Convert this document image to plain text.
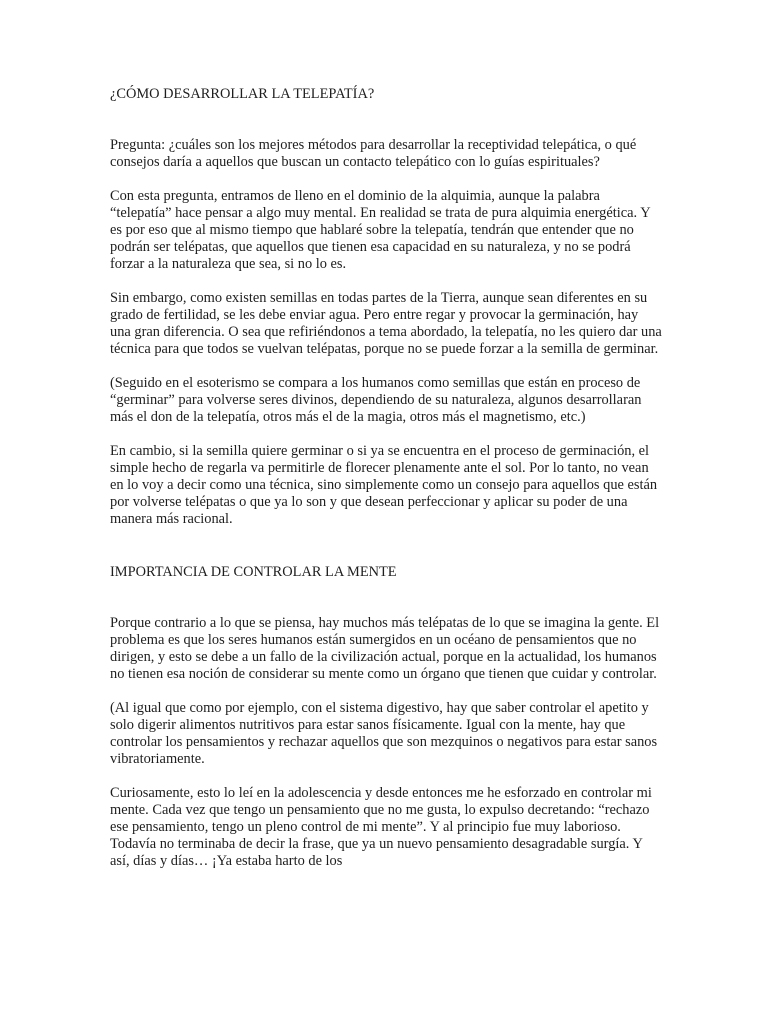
¿CÓMO DESARROLLAR LA TELEPATÍA?

Pregunta: ¿cuáles son los mejores métodos para desarrollar la receptividad telepática, o qué consejos daría a aquellos que buscan un contacto telepático con lo guías espirituales?

Con esta pregunta, entramos de lleno en el dominio de la alquimia, aunque la palabra “telepatía” hace pensar a algo muy mental. En realidad se trata de pura alquimia energética. Y es por eso que al mismo tiempo que hablaré sobre la telepatía, tendrán que entender que no podrán ser telépatas, que aquellos que tienen esa capacidad en su naturaleza, y no se podrá forzar a la naturaleza que sea, si no lo es.

Sin embargo, como existen semillas en todas partes de la Tierra, aunque sean diferentes en su grado de fertilidad, se les debe enviar agua. Pero entre regar y provocar la germinación, hay una gran diferencia. O sea que refiriéndonos a tema abordado, la telepatía, no les quiero dar una técnica para que todos se vuelvan telépatas, porque no se puede forzar a la semilla de germinar.

(Seguido en el esoterismo se compara a los humanos como semillas que están en proceso de “germinar” para volverse seres divinos, dependiendo de su naturaleza, algunos desarrollaran más el don de la telepatía, otros más el de la magia, otros más el magnetismo, etc.)

En cambio, si la semilla quiere germinar o si ya se encuentra en el proceso de germinación, el simple hecho de regarla va permitirle de florecer plenamente ante el sol. Por lo tanto, no vean en lo voy a decir como una técnica, sino simplemente como un consejo para aquellos que están por volverse telépatas o que ya lo son y que desean perfeccionar y aplicar su poder de una manera más racional.

IMPORTANCIA DE CONTROLAR LA MENTE

Porque contrario a lo que se piensa, hay muchos más telépatas de lo que se imagina la gente. El problema es que los seres humanos están sumergidos en un océano de pensamientos que no dirigen, y esto se debe a un fallo de la civilización actual, porque en la actualidad, los humanos no tienen esa noción de considerar su mente como un órgano que tienen que cuidar y controlar.

(Al igual que como por ejemplo, con el sistema digestivo, hay que saber controlar el apetito y solo digerir alimentos nutritivos para estar sanos físicamente. Igual con la mente, hay que controlar los pensamientos y rechazar aquellos que son mezquinos o negativos para estar sanos vibratoriamente.

Curiosamente, esto lo leí en la adolescencia y desde entonces me he esforzado en controlar mi mente. Cada vez que tengo un pensamiento que no me gusta, lo expulso decretando: “rechazo ese pensamiento, tengo un pleno control de mi mente”. Y al principio fue muy laborioso. Todavía no terminaba de decir la frase, que ya un nuevo pensamiento desagradable surgía. Y así, días y días… ¡Ya estaba harto de los
